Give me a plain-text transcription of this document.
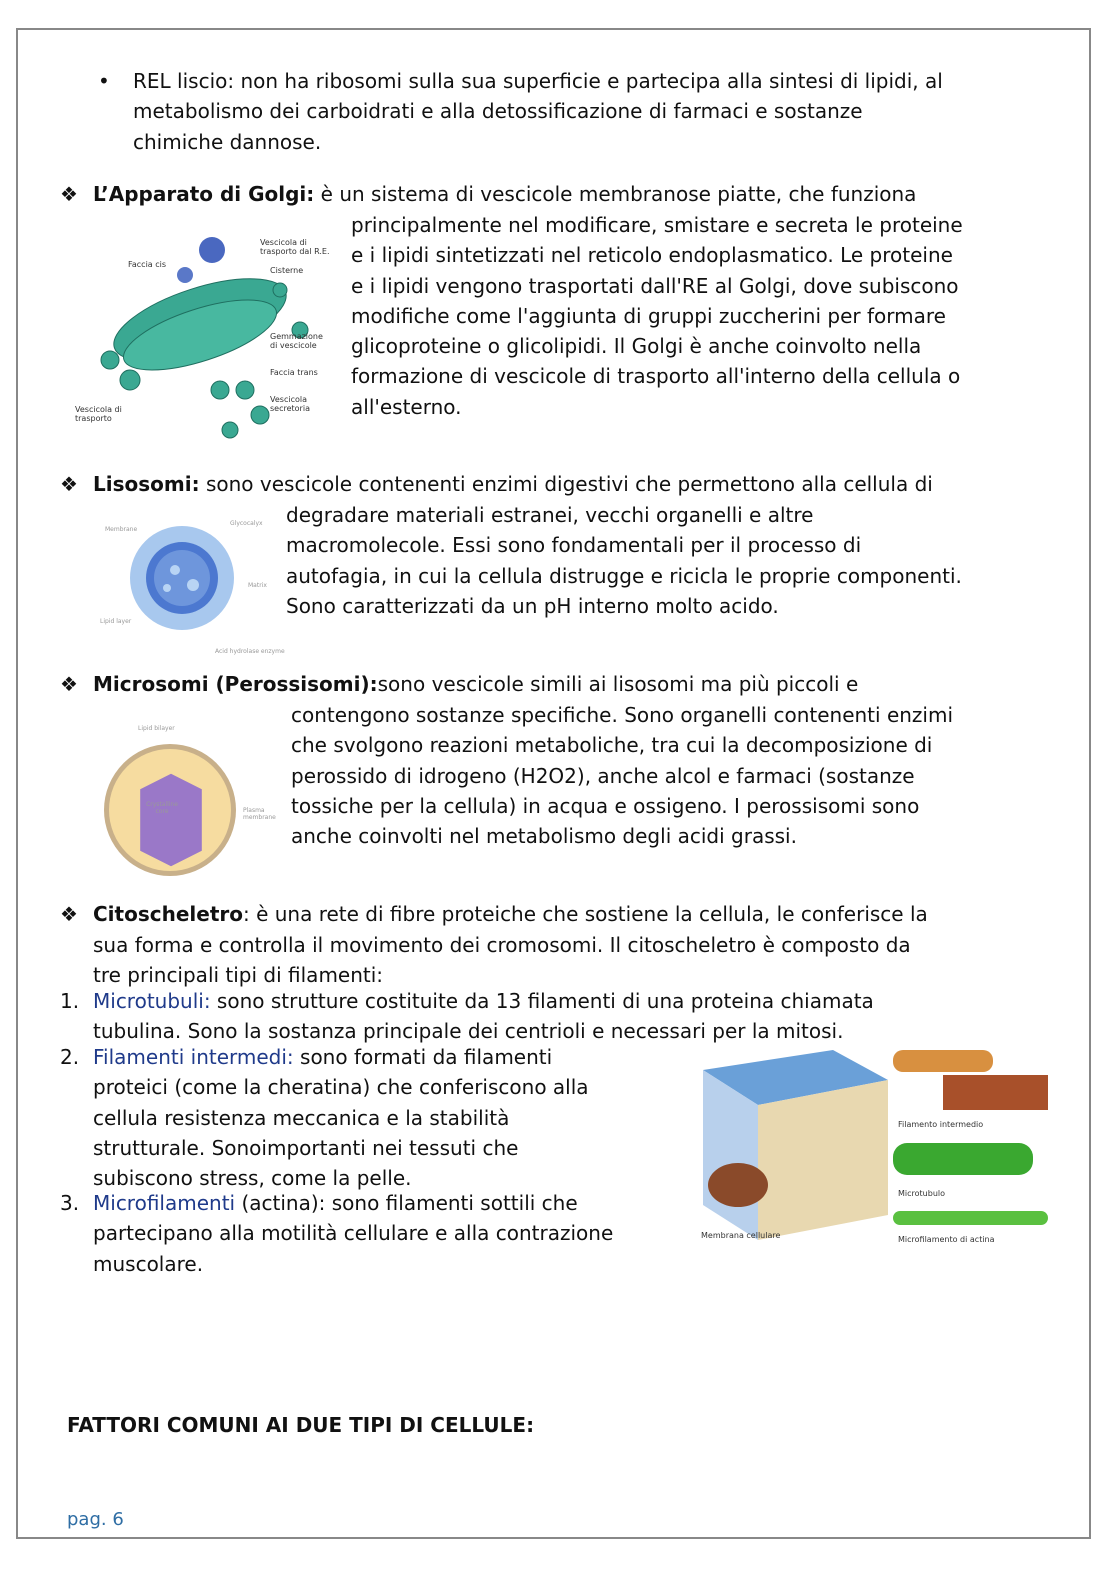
• REL liscio: non ha ribosomi sulla sua superficie e partecipa alla sintesi di lipidi, al
metabolismo dei carboidrati e alla detossificazione di farmaci e sostanze
chimiche dannose.
❖ L’Apparato di Golgi: è un sistema di vescicole membranose piatte, che funziona
principalmente nel modificare, smistare e secreta le proteine
e i lipidi sintetizzati nel reticolo endoplasmatico. Le proteine
e i lipidi vengono trasportati dall'RE al Golgi, dove subiscono
modifiche come l'aggiunta di gruppi zuccherini per formare
glicoproteine o glicolipidi. Il Golgi è anche coinvolto nella
formazione di vescicole di trasporto all'interno della cellula o
all'esterno.
Vescicola di trasporto dal R.E.
Faccia cis
Cisterne
Gemmazione di vescicole
Faccia trans
Vescicola secretoria
Vescicola di trasporto
❖ Lisosomi: sono vescicole contenenti enzimi digestivi che permettono alla cellula di
degradare materiali estranei, vecchi organelli e altre
macromolecole. Essi sono fondamentali per il processo di
autofagia, in cui la cellula distrugge e ricicla le proprie componenti.
Sono caratterizzati da un pH interno molto acido.
Membrane
Glycocalyx
Matrix
Lipid layer
Acid hydrolase enzyme
❖ Microsomi (Perossisomi):sono vescicole simili ai lisosomi ma più piccoli e
contengono sostanze specifiche. Sono organelli contenenti enzimi
che svolgono reazioni metaboliche, tra cui la decomposizione di
perossido di idrogeno (H2O2), anche alcol e farmaci (sostanze
tossiche per la cellula) in acqua e ossigeno. I perossisomi sono
anche coinvolti nel metabolismo degli acidi grassi.
Lipid bilayer
Crystalline core	Plasma membrane
❖ Citoscheletro: è una rete di fibre proteiche che sostiene la cellula, le conferisce la
sua forma e controlla il movimento dei cromosomi. Il citoscheletro è composto da
tre principali tipi di filamenti:
1. Microtubuli: sono strutture costituite da 13 filamenti di una proteina chiamata
tubulina. Sono la sostanza principale dei centrioli e necessari per la mitosi.
2. Filamenti intermedi: sono formati da filamenti
proteici (come la cheratina) che conferiscono alla
cellula resistenza meccanica e la stabilità
strutturale. Sonoimportanti nei tessuti che
subiscono stress, come la pelle.
3. Microfilamenti (actina): sono filamenti sottili che
partecipano alla motilità cellulare e alla contrazione
muscolare.
Filamento intermedio
Microtubulo
Membrana cellulare	Microfilamento di actina
FATTORI COMUNI AI DUE TIPI DI CELLULE:
pag. 6
